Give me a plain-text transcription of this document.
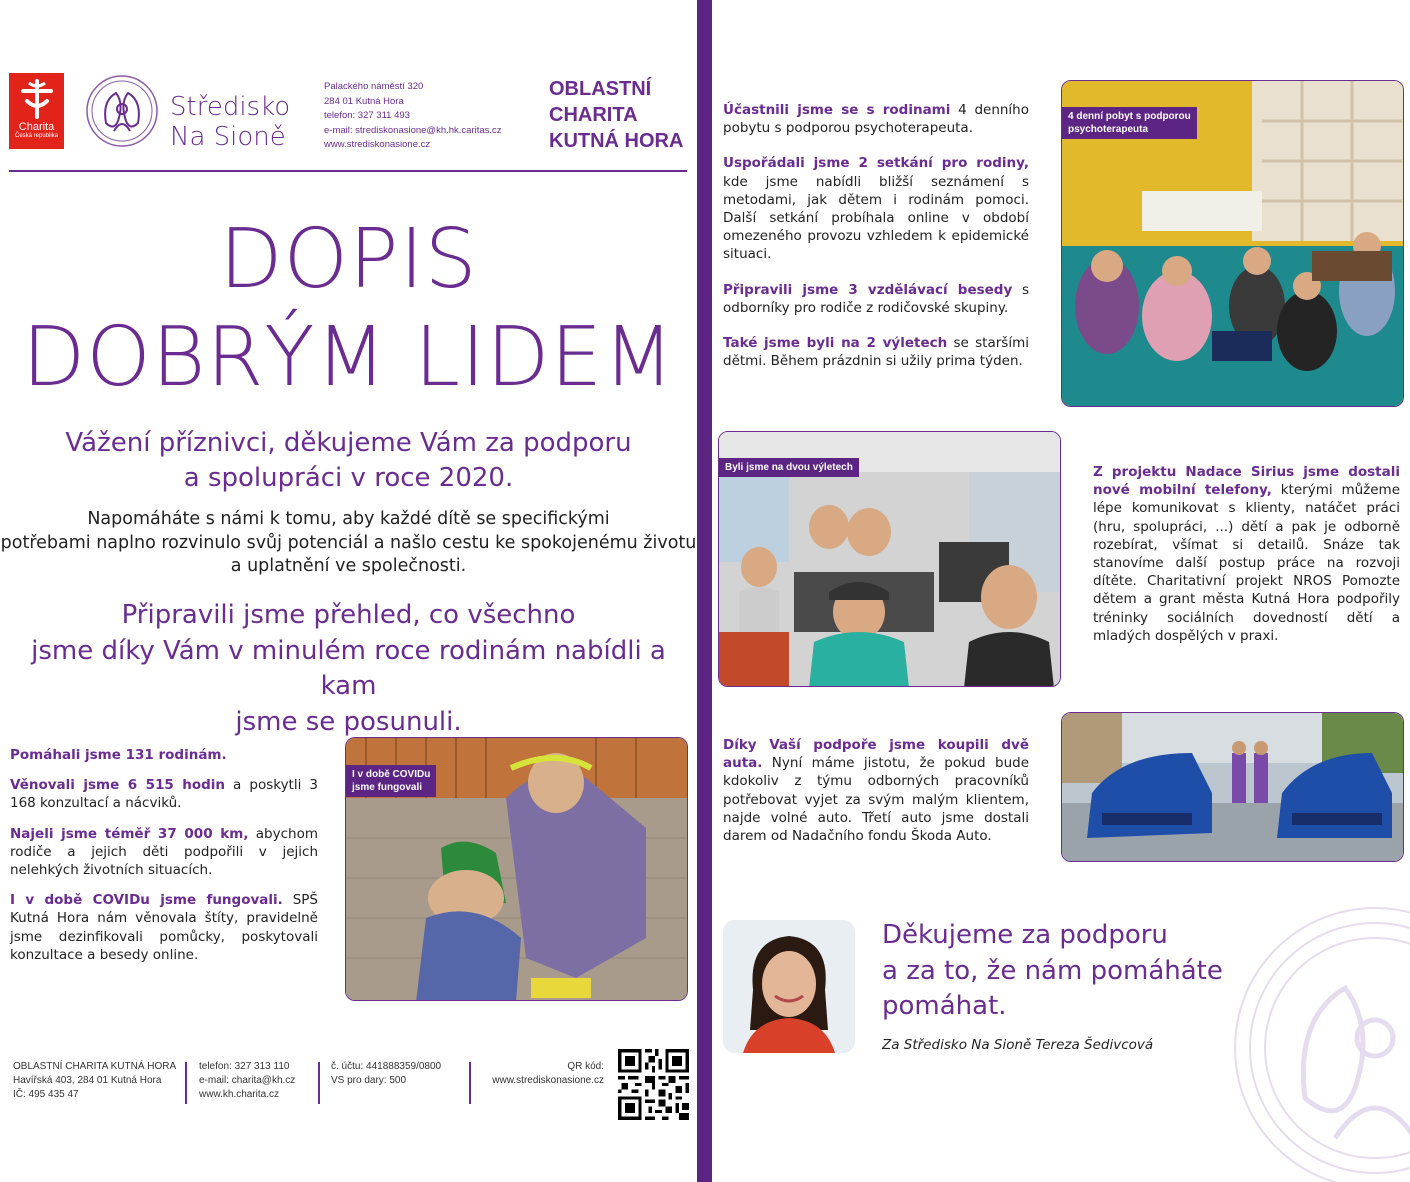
Charita
Česká republika
Středisko
Na Sioně
Palackého náměstí 320
284 01 Kutná Hora
telefon: 327 311 493
e-mail: strediskonasione@kh.hk.caritas.cz
www.strediskonasione.cz
OBLASTNÍ
CHARITA
KUTNÁ HORA
DOPIS
DOBRÝM LIDEM
Vážení příznivci, děkujeme Vám za podporu
a spolupráci v roce 2020.
Napomáháte s námi k tomu, aby každé dítě se specifickými
potřebami naplno rozvinulo svůj potenciál a našlo cestu ke spokojenému životu
a uplatnění ve společnosti.
Připravili jsme přehled, co všechno
jsme díky Vám v minulém roce rodinám nabídli a kam
jsme se posunuli.

Pomáhali jsme 131 rodinám.

Věnovali jsme 6 515 hodin a poskytli 3 168 konzultací a nácviků.

Najeli jsme téměř 37 000 km, abychom rodiče a jejich děti podpořili v jejich nelehkých životních situacích.

I v době COVIDu jsme fungovali. SPŠ Kutná Hora nám věnovala štíty, pravidelně jsme dezinfikovali pomůcky, poskytovali konzultace a besedy online.

I v době COVIDu
jsme fungovali

Účastnili jsme se s rodinami 4 denního pobytu s podporou psychoterapeuta.

Uspořádali jsme 2 setkání pro rodiny, kde jsme nabídli bližší seznámení s metodami, jak dětem i rodinám pomoci. Další setkání probíhala online v období omezeného provozu vzhledem k epidemické situaci.

Připravili jsme 3 vzdělávací besedy s odborníky pro rodiče z rodičovské skupiny.

Také jsme byli na 2 výletech se staršími dětmi. Během prázdnin si užily prima týden.

4 denní pobyt s podporou
psychoterapeuta
Byli jsme na dvou výletech	Z projektu Nadace Sirius jsme dostali nové mobilní telefony, kterými můžeme lépe komunikovat s klienty, natáčet práci (hru, spolupráci, ...) dětí a pak je odborně rozebírat, všímat si detailů. Snáze tak stanovíme další postup práce na rozvoji dítěte. Charitativní projekt NROS Pomozte dětem a grant města Kutná Hora podpořily tréninky sociálních dovedností dětí a mladých dospělých v praxi.
Díky Vaší podpoře jsme koupili dvě auta. Nyní máme jistotu, že pokud bude kdokoliv z týmu odborných pracovníků potřebovat vyjet za svým malým klientem, najde volné auto. Třetí auto jsme dostali darem od Nadačního fondu Škoda Auto.
OBLASTNÍ CHARITA KUTNÁ HORA
Havířská 403, 284 01 Kutná Hora
IČ: 495 435 47
telefon: 327 313 110
e-mail: charita@kh.cz
www.kh.charita.cz
č. účtu: 441888359/0800
VS pro dary: 500
QR kód:
www.strediskonasione.cz
Děkujeme za podporu
a za to, že nám pomáháte
pomáhat.
Za Středisko Na Sioně Tereza Šedivcová
